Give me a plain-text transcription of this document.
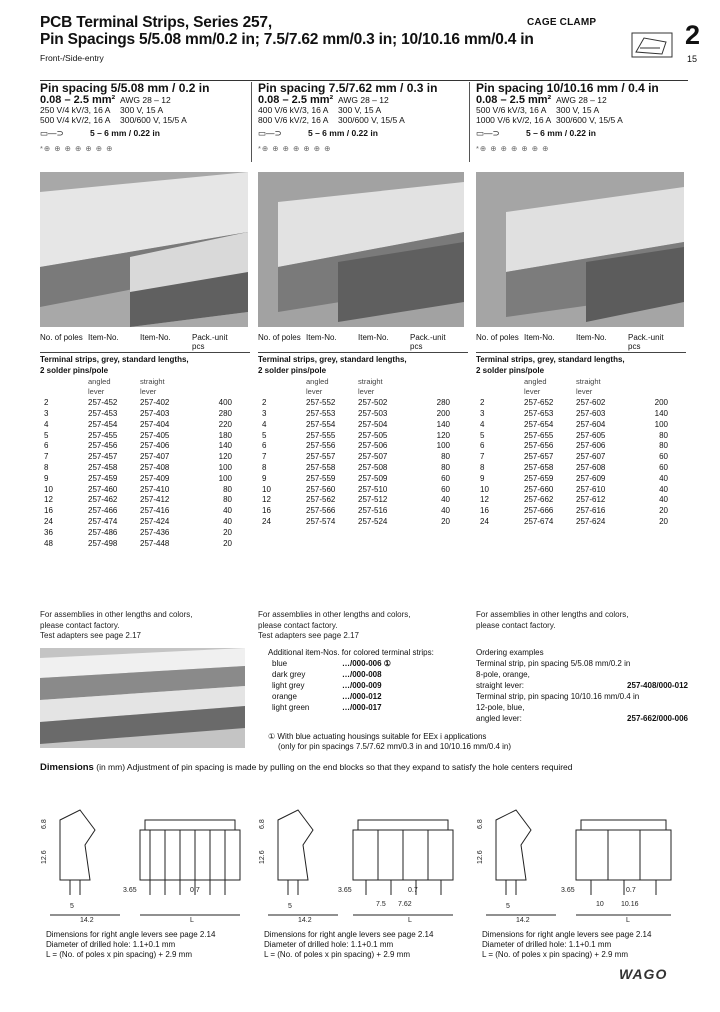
PCB Terminal Strips, Series 257,
Pin Spacings 5/5.08 mm/0.2 in; 7.5/7.62 mm/0.3 in; 10/10.16 mm/0.4 in
Front-/Side-entry
CAGE CLAMP	2
15
Pin spacing 5/5.08 mm / 0.2 in
0.08 – 2.5 mm² AWG 28 – 12
250 V/4 kV/3, 16 A	300 V, 15 A
500 V/4 kV/2, 16 A	300/600 V, 15/5 A
▭—⊃	5 – 6 mm / 0.22 in
*⊕ ⊕ ⊕ ⊕ ⊕ ⊕ ⊕
Pin spacing 7.5/7.62 mm / 0.3 in
0.08 – 2.5 mm² AWG 28 – 12
400 V/6 kV/3, 16 A	300 V, 15 A
800 V/6 kV/2, 16 A	300/600 V, 15/5 A
▭—⊃	5 – 6 mm / 0.22 in
*⊕ ⊕ ⊕ ⊕ ⊕ ⊕ ⊕
Pin spacing 10/10.16 mm / 0.4 in
0.08 – 2.5 mm² AWG 28 – 12
500 V/6 kV/3, 16 A	300 V, 15 A
1000 V/6 kV/2, 16 A 300/600 V, 15/5 A
▭—⊃	5 – 6 mm / 0.22 in
*⊕ ⊕ ⊕ ⊕ ⊕ ⊕ ⊕
No. of poles Item-No.	Item-No.	Pack.-unit pcs
Terminal strips, grey, standard lengths,
2 solder pins/pole
angled	straight
lever	lever
2	257-452	257-402	400
3	257-453	257-403	280
4	257-454	257-404	220
5	257-455	257-405	180
6	257-456	257-406	140
7	257-457	257-407	120
8	257-458	257-408	100
9	257-459	257-409	100
10	257-460	257-410	80
12	257-462	257-412	80
16	257-466	257-416	40
24	257-474	257-424	40
36	257-486	257-436	20
48	257-498	257-448	20
No. of poles Item-No.	Item-No.	Pack.-unit pcs
Terminal strips, grey, standard lengths,
2 solder pins/pole
angled	straight
lever	lever
2	257-552	257-502	280
3	257-553	257-503	200
4	257-554	257-504	140
5	257-555	257-505	120
6	257-556	257-506	100
7	257-557	257-507	80
8	257-558	257-508	80
9	257-559	257-509	60
10	257-560	257-510	60
12	257-562	257-512	40
16	257-566	257-516	40
24	257-574	257-524	20
No. of poles Item-No.	Item-No.	Pack.-unit pcs
Terminal strips, grey, standard lengths,
2 solder pins/pole
angled	straight
lever	lever
2	257-652	257-602	200
3	257-653	257-603	140
4	257-654	257-604	100
5	257-655	257-605	80
6	257-656	257-606	80
7	257-657	257-607	60
8	257-658	257-608	60
9	257-659	257-609	40
10	257-660	257-610	40
12	257-662	257-612	40
16	257-666	257-616	20
24	257-674	257-624	20
For assemblies in other lengths and colors,
please contact factory.
Test adapters see page 2.17
For assemblies in other lengths and colors,
please contact factory.
Test adapters see page 2.17
For assemblies in other lengths and colors,
please contact factory.
Additional item-Nos. for colored terminal strips:
blue	…/000-006 ①
dark grey	…/000-008
light grey	…/000-009
orange	…/000-012
light green	…/000-017
Ordering examples
Terminal strip, pin spacing 5/5.08 mm/0.2 in
8-pole, orange,
straight lever:	257-408/000-012
Terminal strip, pin spacing 10/10.16 mm/0.4 in
12-pole, blue,
angled lever:	257-662/000-006
① With blue actuating housings suitable for EEx i applications
(only for pin spacings 7.5/7.62 mm/0.3 in and 10/10.16 mm/0.4 in)
Dimensions (in mm) Adjustment of pin spacing is made by pulling on the end blocks so that they expand to satisfy the hole centers required
6.8
12.6
5
3.65	0.7
L
14.2
6.8
12.6
5
3.65	0.7
7.5 7.62
L
14.2
6.8
12.6
5
3.65	0.7
10 10.16
L
14.2
Dimensions for right angle levers see page 2.14
Diameter of drilled hole: 1.1+0.1 mm
L = (No. of poles x pin spacing) + 2.9 mm
Dimensions for right angle levers see page 2.14
Diameter of drilled hole: 1.1+0.1 mm
L = (No. of poles x pin spacing) + 2.9 mm
Dimensions for right angle levers see page 2.14
Diameter of drilled hole: 1.1+0.1 mm
L = (No. of poles x pin spacing) + 2.9 mm
WAGO
